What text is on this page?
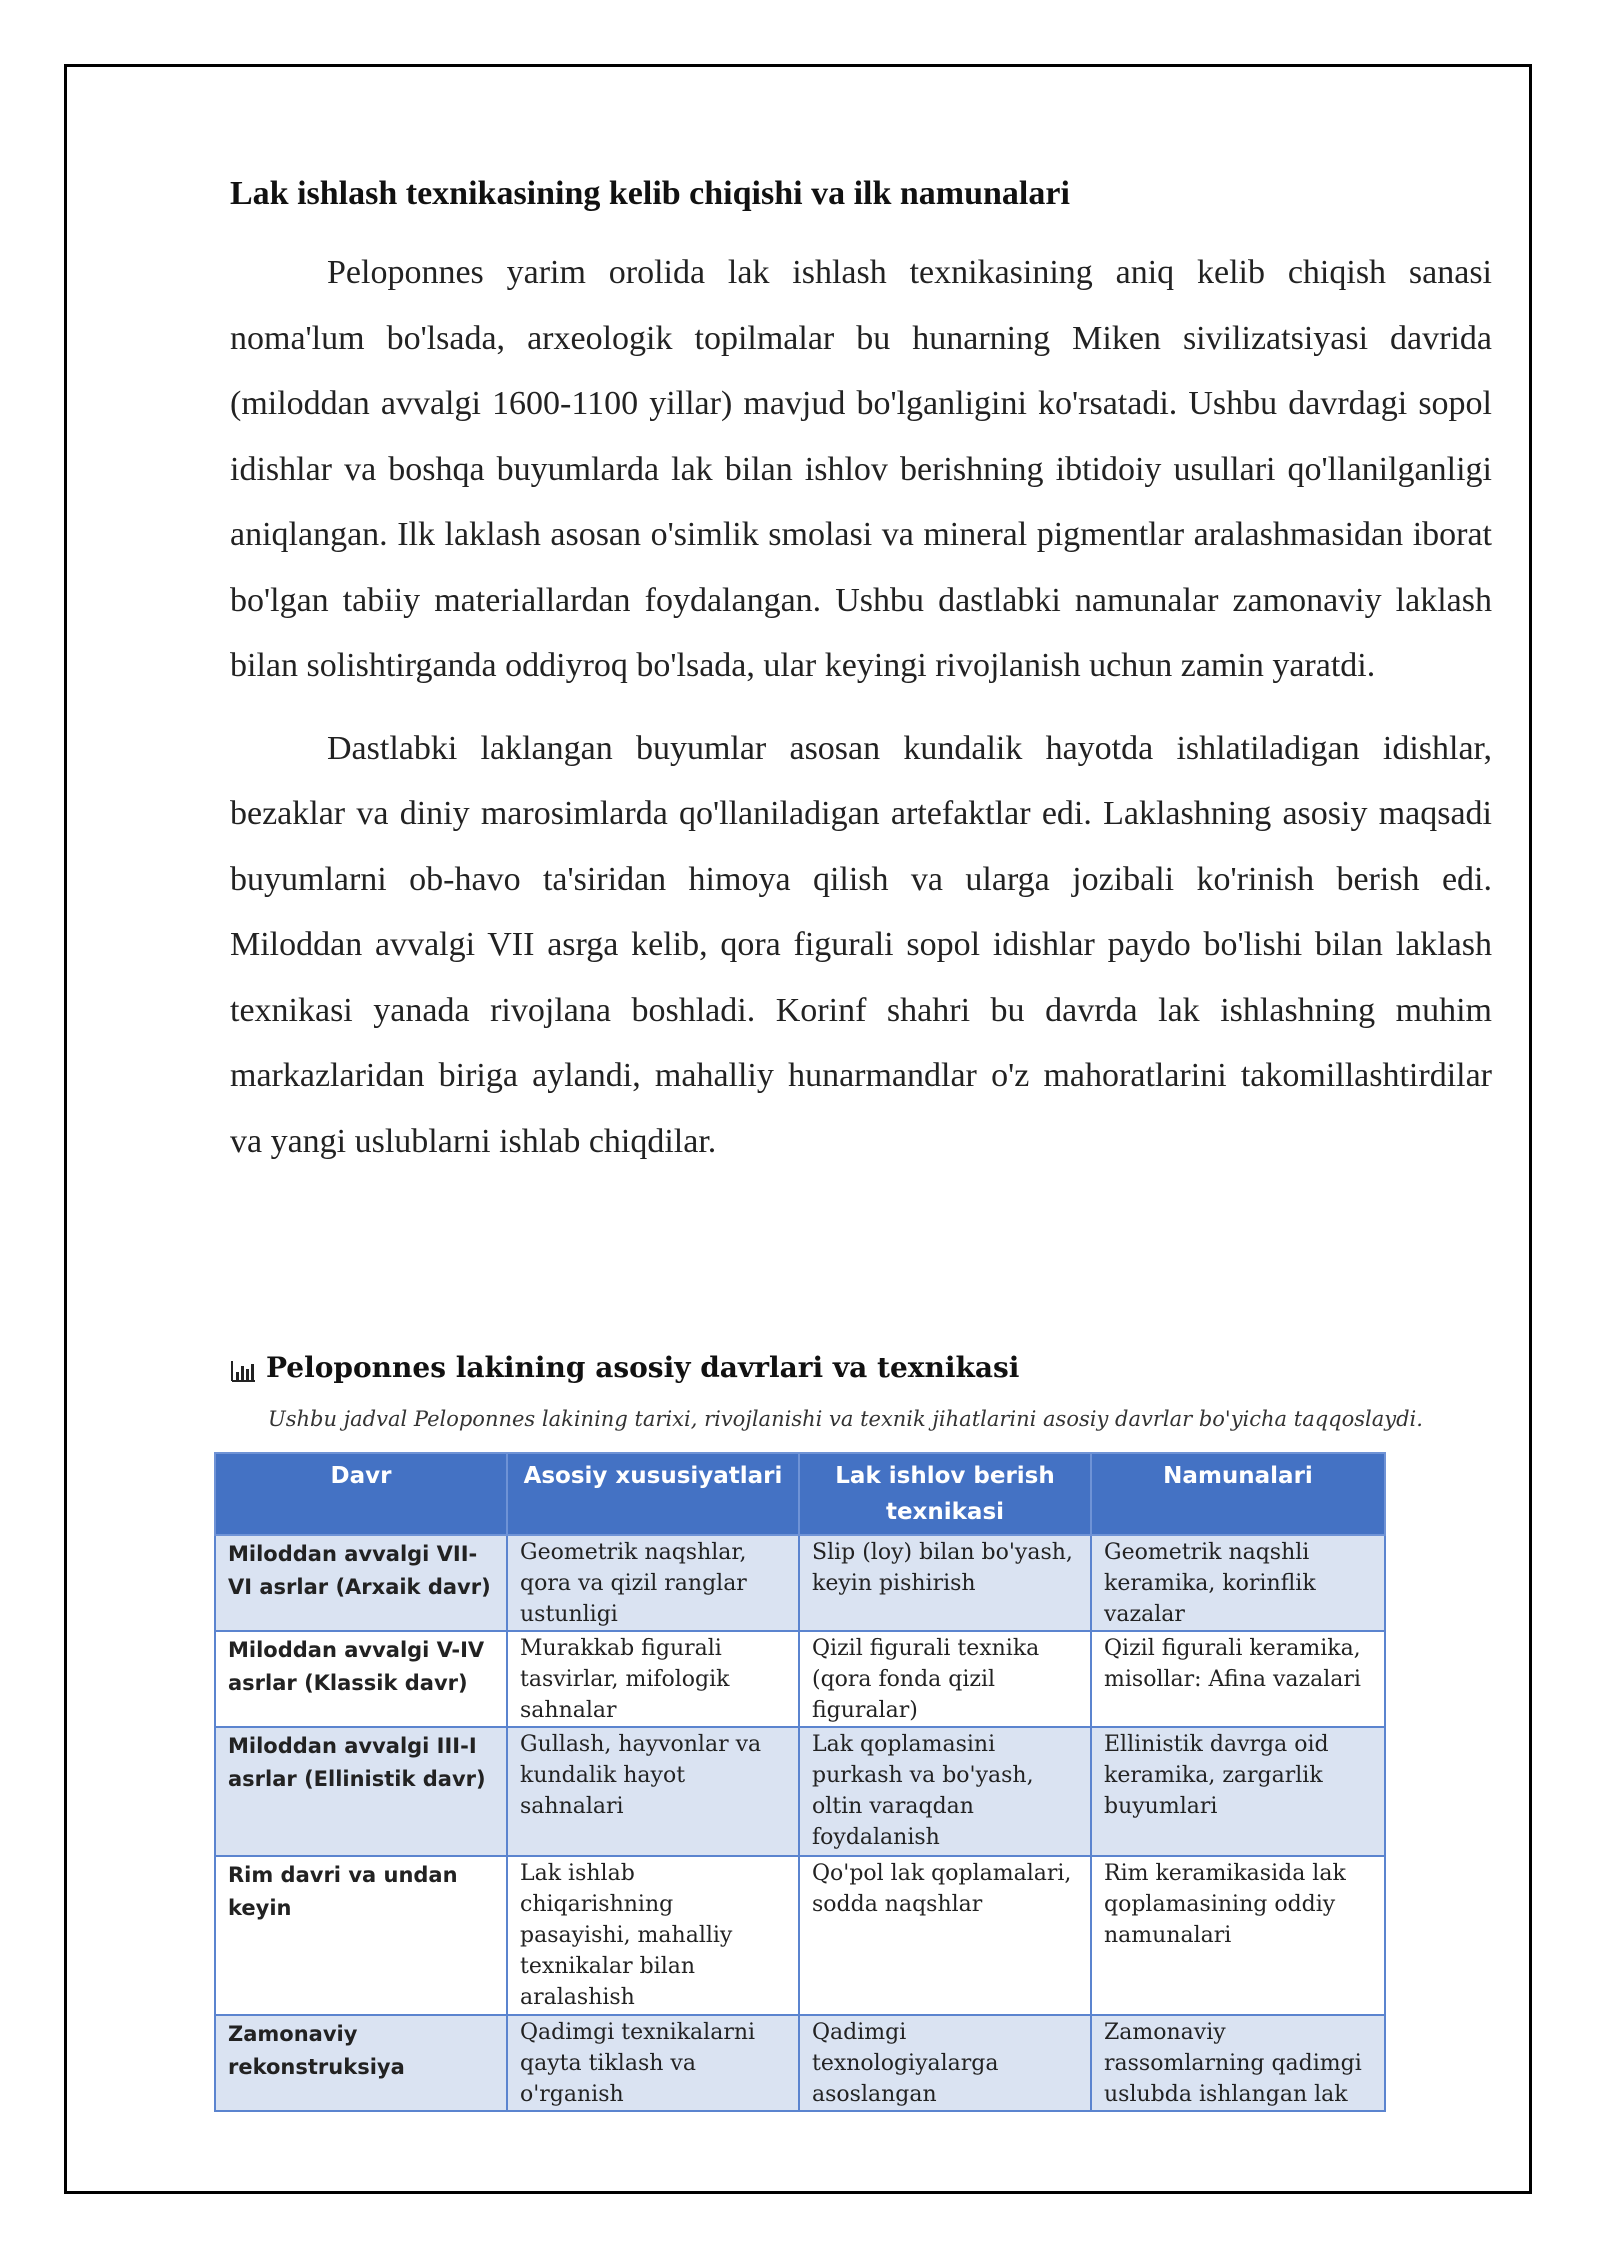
Lak ishlash texnikasining kelib chiqishi va ilk namunalari

Peloponnes yarim orolida lak ishlash texnikasining aniq kelib chiqish sanasi noma'lum bo'lsada, arxeologik topilmalar bu hunarning Miken sivilizatsiyasi davrida (miloddan avvalgi 1600-1100 yillar) mavjud bo'lganligini ko'rsatadi. Ushbu davrdagi sopol idishlar va boshqa buyumlarda lak bilan ishlov berishning ibtidoiy usullari qo'llanilganligi aniqlangan. Ilk laklash asosan o'simlik smolasi va mineral pigmentlar aralashmasidan iborat bo'lgan tabiiy materiallardan foydalangan. Ushbu dastlabki namunalar zamonaviy laklash bilan solishtirganda oddiyroq bo'lsada, ular keyingi rivojlanish uchun zamin yaratdi.

Dastlabki laklangan buyumlar asosan kundalik hayotda ishlatiladigan idishlar, bezaklar va diniy marosimlarda qo'llaniladigan artefaktlar edi. Laklashning asosiy maqsadi buyumlarni ob-havo ta'siridan himoya qilish va ularga jozibali ko'rinish berish edi. Miloddan avvalgi VII asrga kelib, qora figurali sopol idishlar paydo bo'lishi bilan laklash texnikasi yanada rivojlana boshladi. Korinf shahri bu davrda lak ishlashning muhim markazlaridan biriga aylandi, mahalliy hunarmandlar o'z mahoratlarini takomillashtirdilar va yangi uslublarni ishlab chiqdilar.

Peloponnes lakining asosiy davrlari va texnikasi
Ushbu jadval Peloponnes lakining tarixi, rivojlanishi va texnik jihatlarini asosiy davrlar bo'yicha taqqoslaydi.
Davr	Asosiy xususiyatlari	Lak ishlov berish texnikasi	Namunalari
Miloddan avvalgi VII-VI asrlar (Arxaik davr)	Geometrik naqshlar, qora va qizil ranglar ustunligi	Slip (loy) bilan bo'yash, keyin pishirish	Geometrik naqshli keramika, korinflik vazalar
Miloddan avvalgi V-IV asrlar (Klassik davr)	Murakkab figurali tasvirlar, mifologik sahnalar	Qizil figurali texnika (qora fonda qizil figuralar)	Qizil figurali keramika, misollar: Afina vazalari
Miloddan avvalgi III-I asrlar (Ellinistik davr)	Gullash, hayvonlar va kundalik hayot sahnalari	Lak qoplamasini purkash va bo'yash, oltin varaqdan foydalanish	Ellinistik davrga oid keramika, zargarlik buyumlari
Rim davri va undan keyin	Lak ishlab chiqarishning pasayishi, mahalliy texnikalar bilan aralashish	Qo'pol lak qoplamalari, sodda naqshlar	Rim keramikasida lak qoplamasining oddiy namunalari
Zamonaviy rekonstruksiya	Qadimgi texnikalarni qayta tiklash va o'rganish	Qadimgi texnologiyalarga asoslangan	Zamonaviy rassomlarning qadimgi uslubda ishlangan lak
